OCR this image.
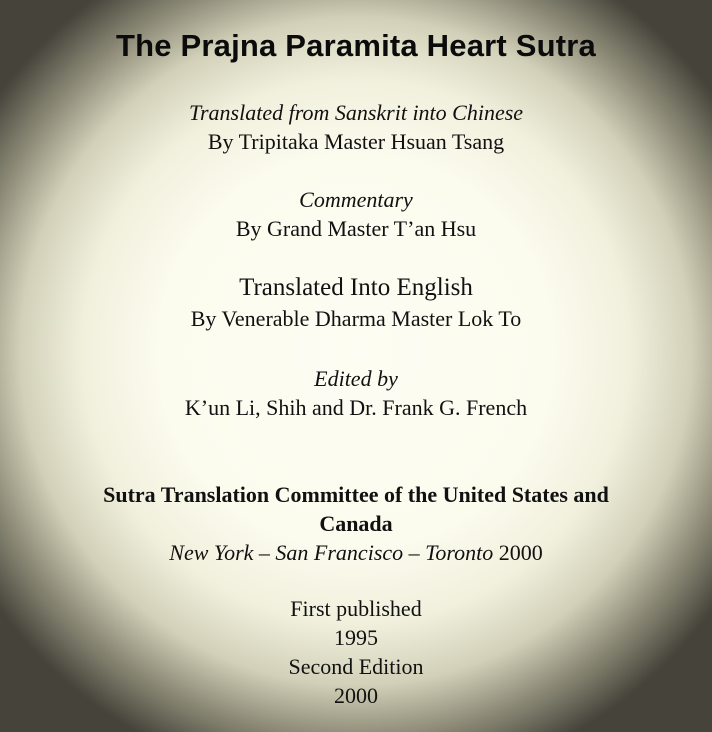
The Prajna Paramita Heart Sutra
Translated from Sanskrit into Chinese
By Tripitaka Master Hsuan Tsang
Commentary
By Grand Master T’an Hsu
Translated Into English
By Venerable Dharma Master Lok To
Edited by
K’un Li, Shih and Dr. Frank G. French
Sutra Translation Committee of the United States and
Canada
New York – San Francisco – Toronto 2000
First published
1995
Second Edition
2000
